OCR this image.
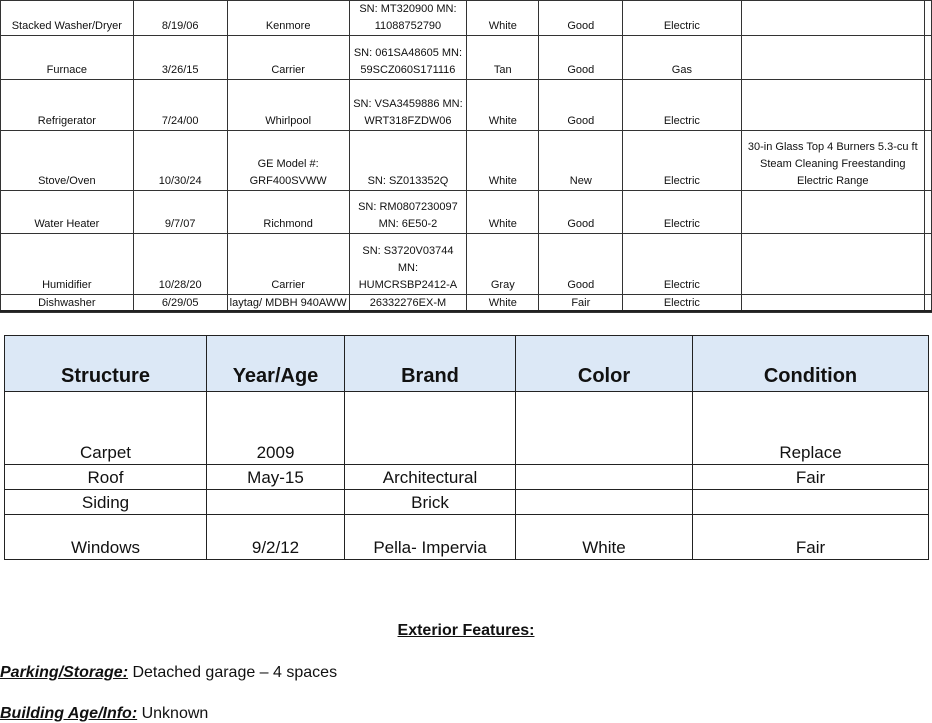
Stacked Washer/Dryer	8/19/06	Kenmore	SN: MT320900 MN: 11088752790	White	Good	Electric		
Furnace	3/26/15	Carrier	SN: 061SA48605 MN: 59SCZ060S171116	Tan	Good	Gas		
Refrigerator	7/24/00	Whirlpool	SN: VSA3459886 MN: WRT318FZDW06	White	Good	Electric		
Stove/Oven	10/30/24	GE Model #: GRF400SVWW	SN: SZ013352Q	White	New	Electric	30-in Glass Top 4 Burners 5.3-cu ft Steam Cleaning Freestanding Electric Range	
Water Heater	9/7/07	Richmond	SN: RM0807230097 MN: 6E50-2	White	Good	Electric		
Humidifier	10/28/20	Carrier	SN: S3720V03744 MN: HUMCRSBP2412-A	Gray	Good	Electric		
Dishwasher	6/29/05	laytag/ MDBH 940AWW	26332276EX-M	White	Fair	Electric		
Structure	Year/Age	Brand	Color	Condition
Carpet	2009			Replace
Roof	May-15	Architectural		Fair
Siding		Brick		
Windows	9/2/12	Pella- Impervia	White	Fair
Exterior Features:
Parking/Storage: Detached garage – 4 spaces
Building Age/Info: Unknown
